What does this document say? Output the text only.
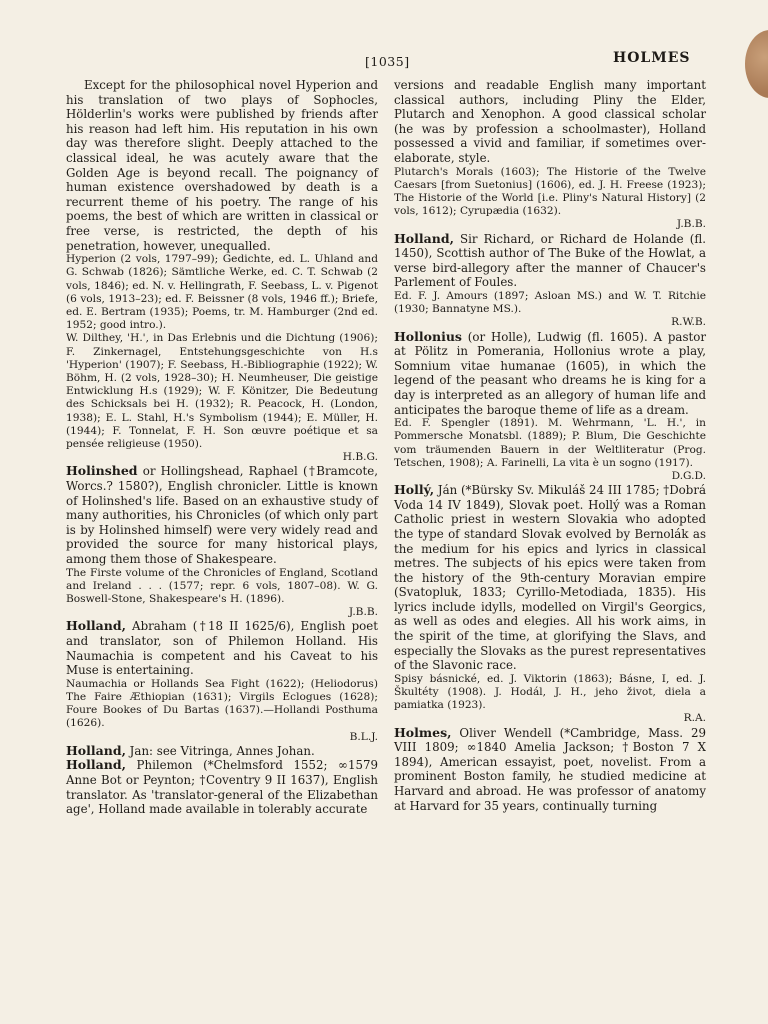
[1035]	HOLMES

Except for the philosophical novel Hyperion and his translation of two plays of Sophocles, Hölderlin's works were published by friends after his reason had left him. His reputation in his own day was therefore slight. Deeply attached to the classical ideal, he was acutely aware that the Golden Age is beyond recall. The poignancy of human existence overshadowed by death is a recurrent theme of his poetry. The range of his poems, the best of which are written in classical or free verse, is restricted, the depth of his penetration, however, unequalled.

Hyperion (2 vols, 1797–99); Gedichte, ed. L. Uhland and G. Schwab (1826); Sämtliche Werke, ed. C. T. Schwab (2 vols, 1846); ed. N. v. Hellingrath, F. Seebass, L. v. Pigenot (6 vols, 1913–23); ed. F. Beissner (8 vols, 1946 ff.); Briefe, ed. E. Bertram (1935); Poems, tr. M. Hamburger (2nd ed. 1952; good intro.).

W. Dilthey, 'H.', in Das Erlebnis und die Dichtung (1906); F. Zinkernagel, Entstehungsgeschichte von H.s 'Hyperion' (1907); F. Seebass, H.-Bibliographie (1922); W. Böhm, H. (2 vols, 1928–30); H. Neumheuser, Die geistige Entwicklung H.s (1929); W. F. Könitzer, Die Bedeutung des Schicksals bei H. (1932); R. Peacock, H. (London, 1938); E. L. Stahl, H.'s Symbolism (1944); E. Müller, H. (1944); F. Tonnelat, F. H. Son œuvre poétique et sa pensée religieuse (1950).
H.B.G.

Holinshed or Hollingshead, Raphael (†Bramcote, Worcs.? 1580?), English chronicler. Little is known of Holinshed's life. Based on an exhaustive study of many authorities, his Chronicles (of which only part is by Holinshed himself) were very widely read and provided the source for many historical plays, among them those of Shakespeare.

The Firste volume of the Chronicles of England, Scotland and Ireland . . . (1577; repr. 6 vols, 1807–08). W. G. Boswell-Stone, Shakespeare's H. (1896).
J.B.B.

Holland, Abraham (†18 II 1625/6), English poet and translator, son of Philemon Holland. His Naumachia is competent and his Caveat to his Muse is entertaining.

Naumachia or Hollands Sea Fight (1622); (Heliodorus) The Faire Æthiopian (1631); Virgils Eclogues (1628); Foure Bookes of Du Bartas (1637).—Hollandi Posthuma (1626).
B.L.J.

Holland, Jan: see Vitringa, Annes Johan.

Holland, Philemon (*Chelmsford 1552; ∞1579 Anne Bot or Peynton; †Coventry 9 II 1637), English translator. As 'translator-general of the Elizabethan age', Holland made available in tolerably accurate

versions and readable English many important classical authors, including Pliny the Elder, Plutarch and Xenophon. A good classical scholar (he was by profession a schoolmaster), Holland possessed a vivid and familiar, if sometimes over-elaborate, style.

Plutarch's Morals (1603); The Historie of the Twelve Caesars [from Suetonius] (1606), ed. J. H. Freese (1923); The Historie of the World [i.e. Pliny's Natural History] (2 vols, 1612); Cyrupædia (1632).
J.B.B.

Holland, Sir Richard, or Richard de Holande (fl. 1450), Scottish author of The Buke of the Howlat, a verse bird-allegory after the manner of Chaucer's Parlement of Foules.

Ed. F. J. Amours (1897; Asloan MS.) and W. T. Ritchie (1930; Bannatyne MS.).
R.W.B.

Hollonius (or Holle), Ludwig (fl. 1605). A pastor at Pölitz in Pomerania, Hollonius wrote a play, Somnium vitae humanae (1605), in which the legend of the peasant who dreams he is king for a day is interpreted as an allegory of human life and anticipates the baroque theme of life as a dream.

Ed. F. Spengler (1891). M. Wehrmann, 'L. H.', in Pommersche Monatsbl. (1889); P. Blum, Die Geschichte vom träumenden Bauern in der Weltliteratur (Prog. Tetschen, 1908); A. Farinelli, La vita è un sogno (1917).
D.G.D.

Hollý, Ján (*Bürsky Sv. Mikuláš 24 III 1785; †Dobrá Voda 14 IV 1849), Slovak poet. Hollý was a Roman Catholic priest in western Slovakia who adopted the type of standard Slovak evolved by Bernolák as the medium for his epics and lyrics in classical metres. The subjects of his epics were taken from the history of the 9th-century Moravian empire (Svatopluk, 1833; Cyrillo-Metodiada, 1835). His lyrics include idylls, modelled on Virgil's Georgics, as well as odes and elegies. All his work aims, in the spirit of the time, at glorifying the Slavs, and especially the Slovaks as the purest representatives of the Slavonic race.

Spisy básnické, ed. J. Viktorin (1863); Básne, I, ed. J. Škultéty (1908). J. Hodál, J. H., jeho život, diela a pamiatka (1923).
R.A.

Holmes, Oliver Wendell (*Cambridge, Mass. 29 VIII 1809; ∞1840 Amelia Jackson; †Boston 7 X 1894), American essayist, poet, novelist. From a prominent Boston family, he studied medicine at Harvard and abroad. He was professor of anatomy at Harvard for 35 years, continually turning
